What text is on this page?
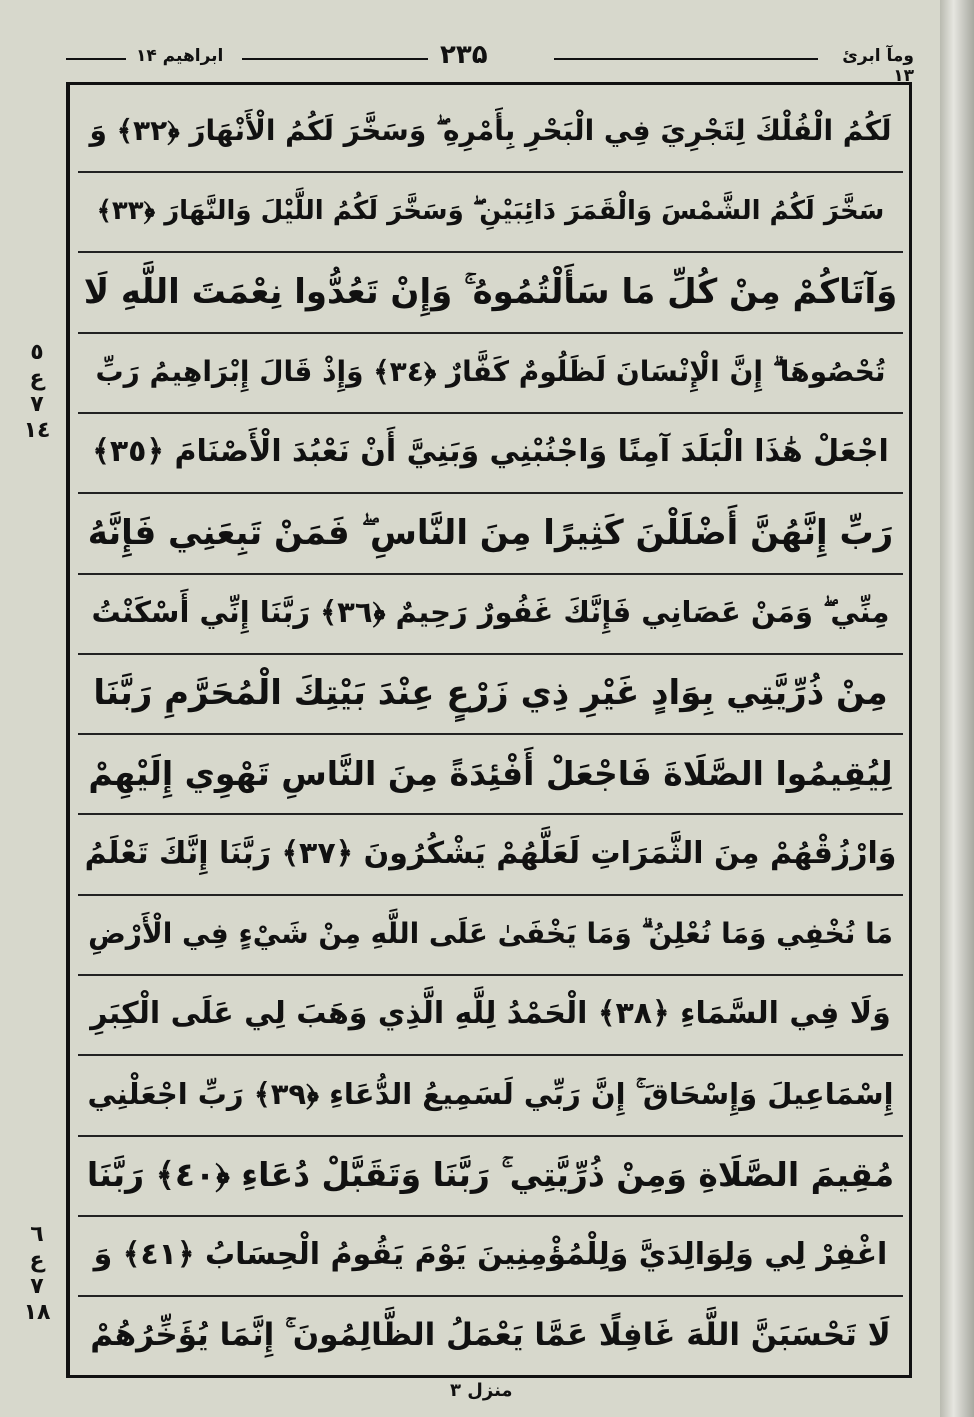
ابراهیم ۱۴	۲۳۵	ومآ ابرئ ۱۳
لَكُمُ الْفُلْكَ لِتَجْرِيَ فِي الْبَحْرِ بِأَمْرِهِ ۖ وَسَخَّرَ لَكُمُ الْأَنْهَارَ ﴿٣٢﴾ وَ
سَخَّرَ لَكُمُ الشَّمْسَ وَالْقَمَرَ دَائِبَيْنِ ۖ وَسَخَّرَ لَكُمُ اللَّيْلَ وَالنَّهَارَ ﴿٣٣﴾
وَآتَاكُمْ مِنْ كُلِّ مَا سَأَلْتُمُوهُ ۚ وَإِنْ تَعُدُّوا نِعْمَتَ اللَّهِ لَا
تُحْصُوهَا ۗ إِنَّ الْإِنْسَانَ لَظَلُومٌ كَفَّارٌ ﴿٣٤﴾ وَإِذْ قَالَ إِبْرَاهِيمُ رَبِّ
اجْعَلْ هَٰذَا الْبَلَدَ آمِنًا وَاجْنُبْنِي وَبَنِيَّ أَنْ نَعْبُدَ الْأَصْنَامَ ﴿٣٥﴾
رَبِّ إِنَّهُنَّ أَضْلَلْنَ كَثِيرًا مِنَ النَّاسِ ۖ فَمَنْ تَبِعَنِي فَإِنَّهُ
مِنِّي ۖ وَمَنْ عَصَانِي فَإِنَّكَ غَفُورٌ رَحِيمٌ ﴿٣٦﴾ رَبَّنَا إِنِّي أَسْكَنْتُ
مِنْ ذُرِّيَّتِي بِوَادٍ غَيْرِ ذِي زَرْعٍ عِنْدَ بَيْتِكَ الْمُحَرَّمِ رَبَّنَا
لِيُقِيمُوا الصَّلَاةَ فَاجْعَلْ أَفْئِدَةً مِنَ النَّاسِ تَهْوِي إِلَيْهِمْ
وَارْزُقْهُمْ مِنَ الثَّمَرَاتِ لَعَلَّهُمْ يَشْكُرُونَ ﴿٣٧﴾ رَبَّنَا إِنَّكَ تَعْلَمُ
مَا نُخْفِي وَمَا نُعْلِنُ ۗ وَمَا يَخْفَىٰ عَلَى اللَّهِ مِنْ شَيْءٍ فِي الْأَرْضِ
وَلَا فِي السَّمَاءِ ﴿٣٨﴾ الْحَمْدُ لِلَّهِ الَّذِي وَهَبَ لِي عَلَى الْكِبَرِ
إِسْمَاعِيلَ وَإِسْحَاقَ ۚ إِنَّ رَبِّي لَسَمِيعُ الدُّعَاءِ ﴿٣٩﴾ رَبِّ اجْعَلْنِي
مُقِيمَ الصَّلَاةِ وَمِنْ ذُرِّيَّتِي ۚ رَبَّنَا وَتَقَبَّلْ دُعَاءِ ﴿٤٠﴾ رَبَّنَا
اغْفِرْ لِي وَلِوَالِدَيَّ وَلِلْمُؤْمِنِينَ يَوْمَ يَقُومُ الْحِسَابُ ﴿٤١﴾ وَ
لَا تَحْسَبَنَّ اللَّهَ غَافِلًا عَمَّا يَعْمَلُ الظَّالِمُونَ ۚ إِنَّمَا يُؤَخِّرُهُمْ
٥
ع
٧
١٤
٦
ع
٧
١٨
منزل ۳
